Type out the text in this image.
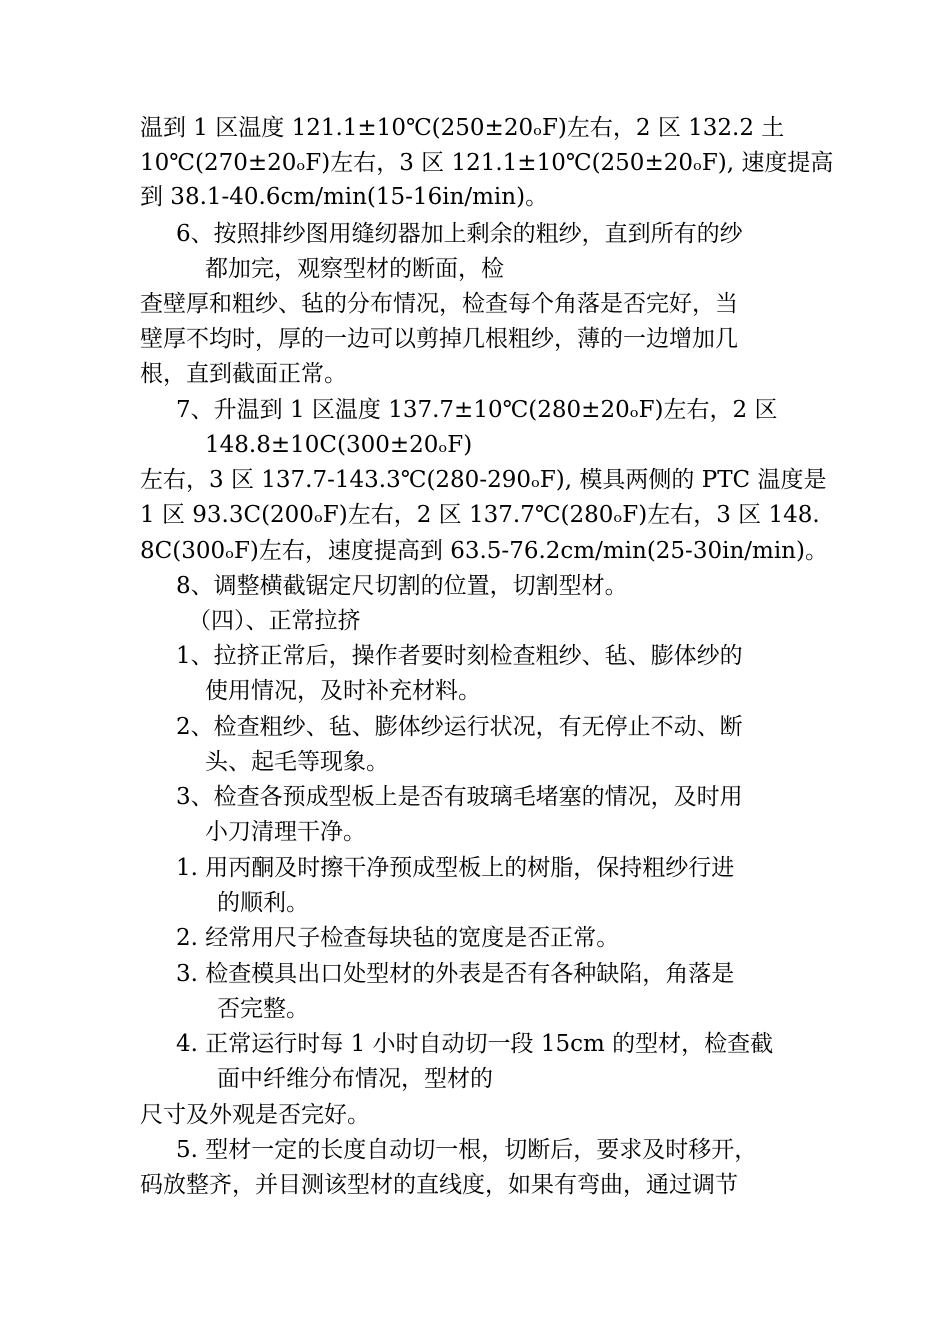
温到 1 区温度 121.1±10℃(250±20ₒF)左右，2 区 132.2 土
10℃(270±20ₒF)左右，3 区 121.1±10℃(250±20ₒF), 速度提高
到 38.1-40.6cm/min(15-16in/min)。
6、按照排纱图用缝纫器加上剩余的粗纱，直到所有的纱
都加完，观察型材的断面，检
查壁厚和粗纱、毡的分布情况，检查每个角落是否完好，当
壁厚不均时，厚的一边可以剪掉几根粗纱，薄的一边增加几
根，直到截面正常。
7、升温到 1 区温度 137.7±10℃(280±20ₒF)左右，2 区
148.8±10C(300±20ₒF)
左右，3 区 137.7-143.3℃(280-290ₒF), 模具两侧的 PTC 温度是
1 区 93.3C(200ₒF)左右，2 区 137.7℃(280ₒF)左右，3 区 148.
8C(300ₒF)左右，速度提高到 63.5-76.2cm/min(25-30in/min)。
8、调整横截锯定尺切割的位置，切割型材。
（四）、正常拉挤
1、拉挤正常后，操作者要时刻检查粗纱、毡、膨体纱的
使用情况，及时补充材料。
2、检查粗纱、毡、膨体纱运行状况，有无停止不动、断
头、起毛等现象。
3、检查各预成型板上是否有玻璃毛堵塞的情况，及时用
小刀清理干净。
1. 用丙酮及时擦干净预成型板上的树脂，保持粗纱行进
的顺利。
2. 经常用尺子检查每块毡的宽度是否正常。
3. 检查模具出口处型材的外表是否有各种缺陷，角落是
否完整。
4. 正常运行时每 1 小时自动切一段 15cm 的型材，检查截
面中纤维分布情况，型材的
尺寸及外观是否完好。
5. 型材一定的长度自动切一根，切断后，要求及时移开，
码放整齐，并目测该型材的直线度，如果有弯曲，通过调节
